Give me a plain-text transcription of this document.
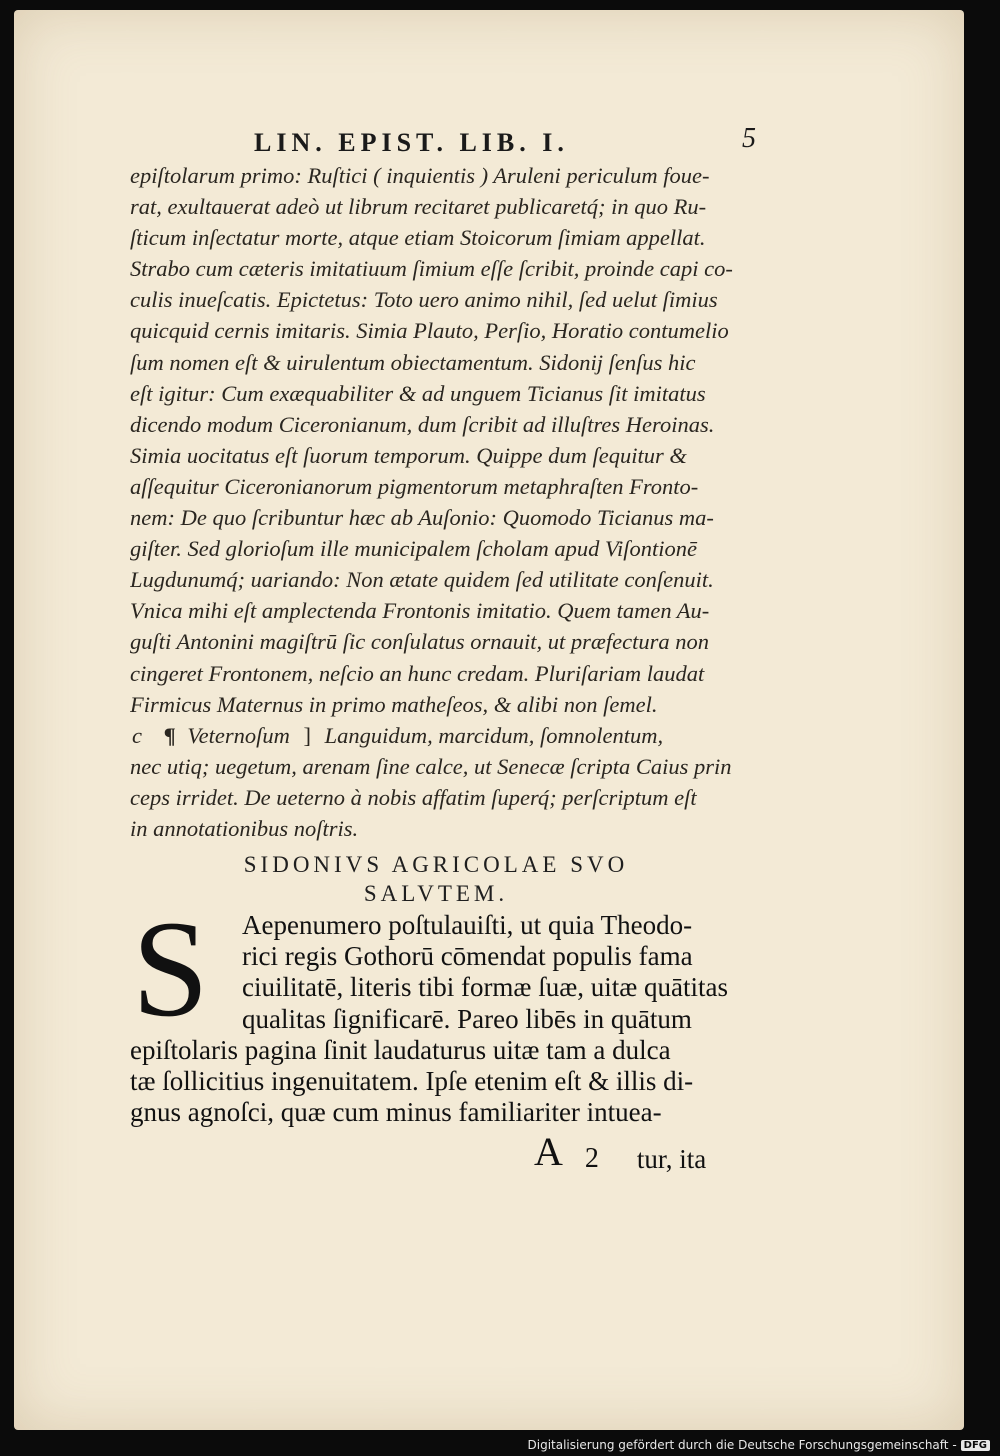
LIN. EPIST. LIB. I.	5
epiſtolarum primo: Ruſtici ( inquientis ) Aruleni periculum foue-
rat, exultauerat adeò ut librum recitaret publicaretq́; in quo Ru-
ſticum inſectatur morte, atque etiam Stoicorum ſimiam appellat.
Strabo cum cæteris imitatiuum ſimium eſſe ſcribit, proinde capi co-
culis inueſcatis. Epictetus: Toto uero animo nihil, ſed uelut ſimius
quicquid cernis imitaris. Simia Plauto, Perſio, Horatio contumelio
ſum nomen eſt & uirulentum obiectamentum. Sidonij ſenſus hic
eſt igitur: Cum exæquabiliter & ad unguem Ticianus ſit imitatus
dicendo modum Ciceronianum, dum ſcribit ad illuſtres Heroinas.
Simia uocitatus eſt ſuorum temporum. Quippe dum ſequitur &
aſſequitur Ciceronianorum pigmentorum metaphraſten Fronto-
nem: De quo ſcribuntur hæc ab Auſonio: Quomodo Ticianus ma-
giſter. Sed glorioſum ille municipalem ſcholam apud Viſontionē
Lugdunumq́; uariando: Non ætate quidem ſed utilitate conſenuit.
Vnica mihi eſt amplectenda Frontonis imitatio. Quem tamen Au-
guſti Antonini magiſtrū ſic conſulatus ornauit, ut præfectura non
cingeret Frontonem, neſcio an hunc credam. Pluriſariam laudat
Firmicus Maternus in primo matheſeos, & alibi non ſemel.
c ¶ Veternoſum ] Languidum, marcidum, ſomnolentum,
nec utiq; uegetum, arenam ſine calce, ut Senecæ ſcripta Caius prin
ceps irridet. De ueterno à nobis affatim ſuperq́; perſcriptum eſt
in annotationibus noſtris.
SIDONIVS AGRICOLAE SVO
SALVTEM.
S Aepenumero poſtulauiſti, ut quia Theodo-
rici regis Gothorū cōmendat populis fama
ciuilitatē, literis tibi formæ ſuæ, uitæ quātitas
qualitas ſignificarē. Pareo libēs in quātum
epiſtolaris pagina ſinit laudaturus uitæ tam a dulca
tæ ſollicitius ingenuitatem. Ipſe etenim eſt & illis di-
gnus agnoſci, quæ cum minus familiariter intuea-
A 2 tur, ita
Digitalisierung gefördert durch die Deutsche Forschungsgemeinschaft - DFG
